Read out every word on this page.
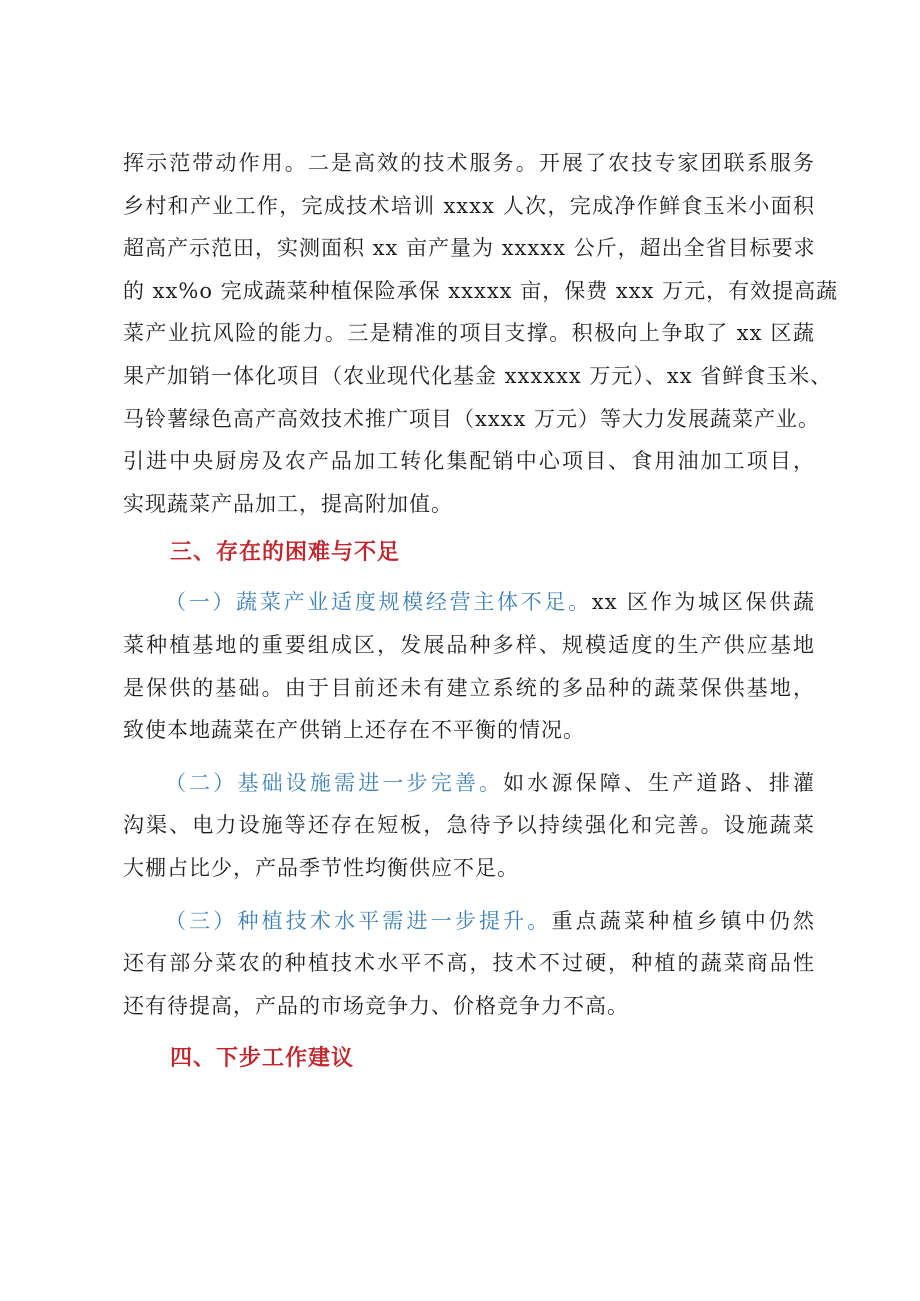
挥示范带动作用。二是高效的技术服务。开展了农技专家团联系服务
乡村和产业工作，完成技术培训 xxxx 人次，完成净作鲜食玉米小面积
超高产示范田，实测面积 xx 亩产量为 xxxxx 公斤，超出全省目标要求
的 xx%o 完成蔬菜种植保险承保 xxxxx 亩，保费 xxx 万元，有效提高蔬
菜产业抗风险的能力。三是精准的项目支撑。积极向上争取了 xx 区蔬
果产加销一体化项目（农业现代化基金 xxxxxx 万元）、xx 省鲜食玉米、
马铃薯绿色高产高效技术推广项目（xxxx 万元）等大力发展蔬菜产业。
引进中央厨房及农产品加工转化集配销中心项目、食用油加工项目，
实现蔬菜产品加工，提高附加值。
三、存在的困难与不足
（一）蔬菜产业适度规模经营主体不足。xx 区作为城区保供蔬
菜种植基地的重要组成区，发展品种多样、规模适度的生产供应基地
是保供的基础。由于目前还未有建立系统的多品种的蔬菜保供基地，
致使本地蔬菜在产供销上还存在不平衡的情况。
（二）基础设施需进一步完善。如水源保障、生产道路、排灌
沟渠、电力设施等还存在短板，急待予以持续强化和完善。设施蔬菜
大棚占比少，产品季节性均衡供应不足。
（三）种植技术水平需进一步提升。重点蔬菜种植乡镇中仍然
还有部分菜农的种植技术水平不高，技术不过硬，种植的蔬菜商品性
还有待提高，产品的市场竞争力、价格竞争力不高。
四、下步工作建议
